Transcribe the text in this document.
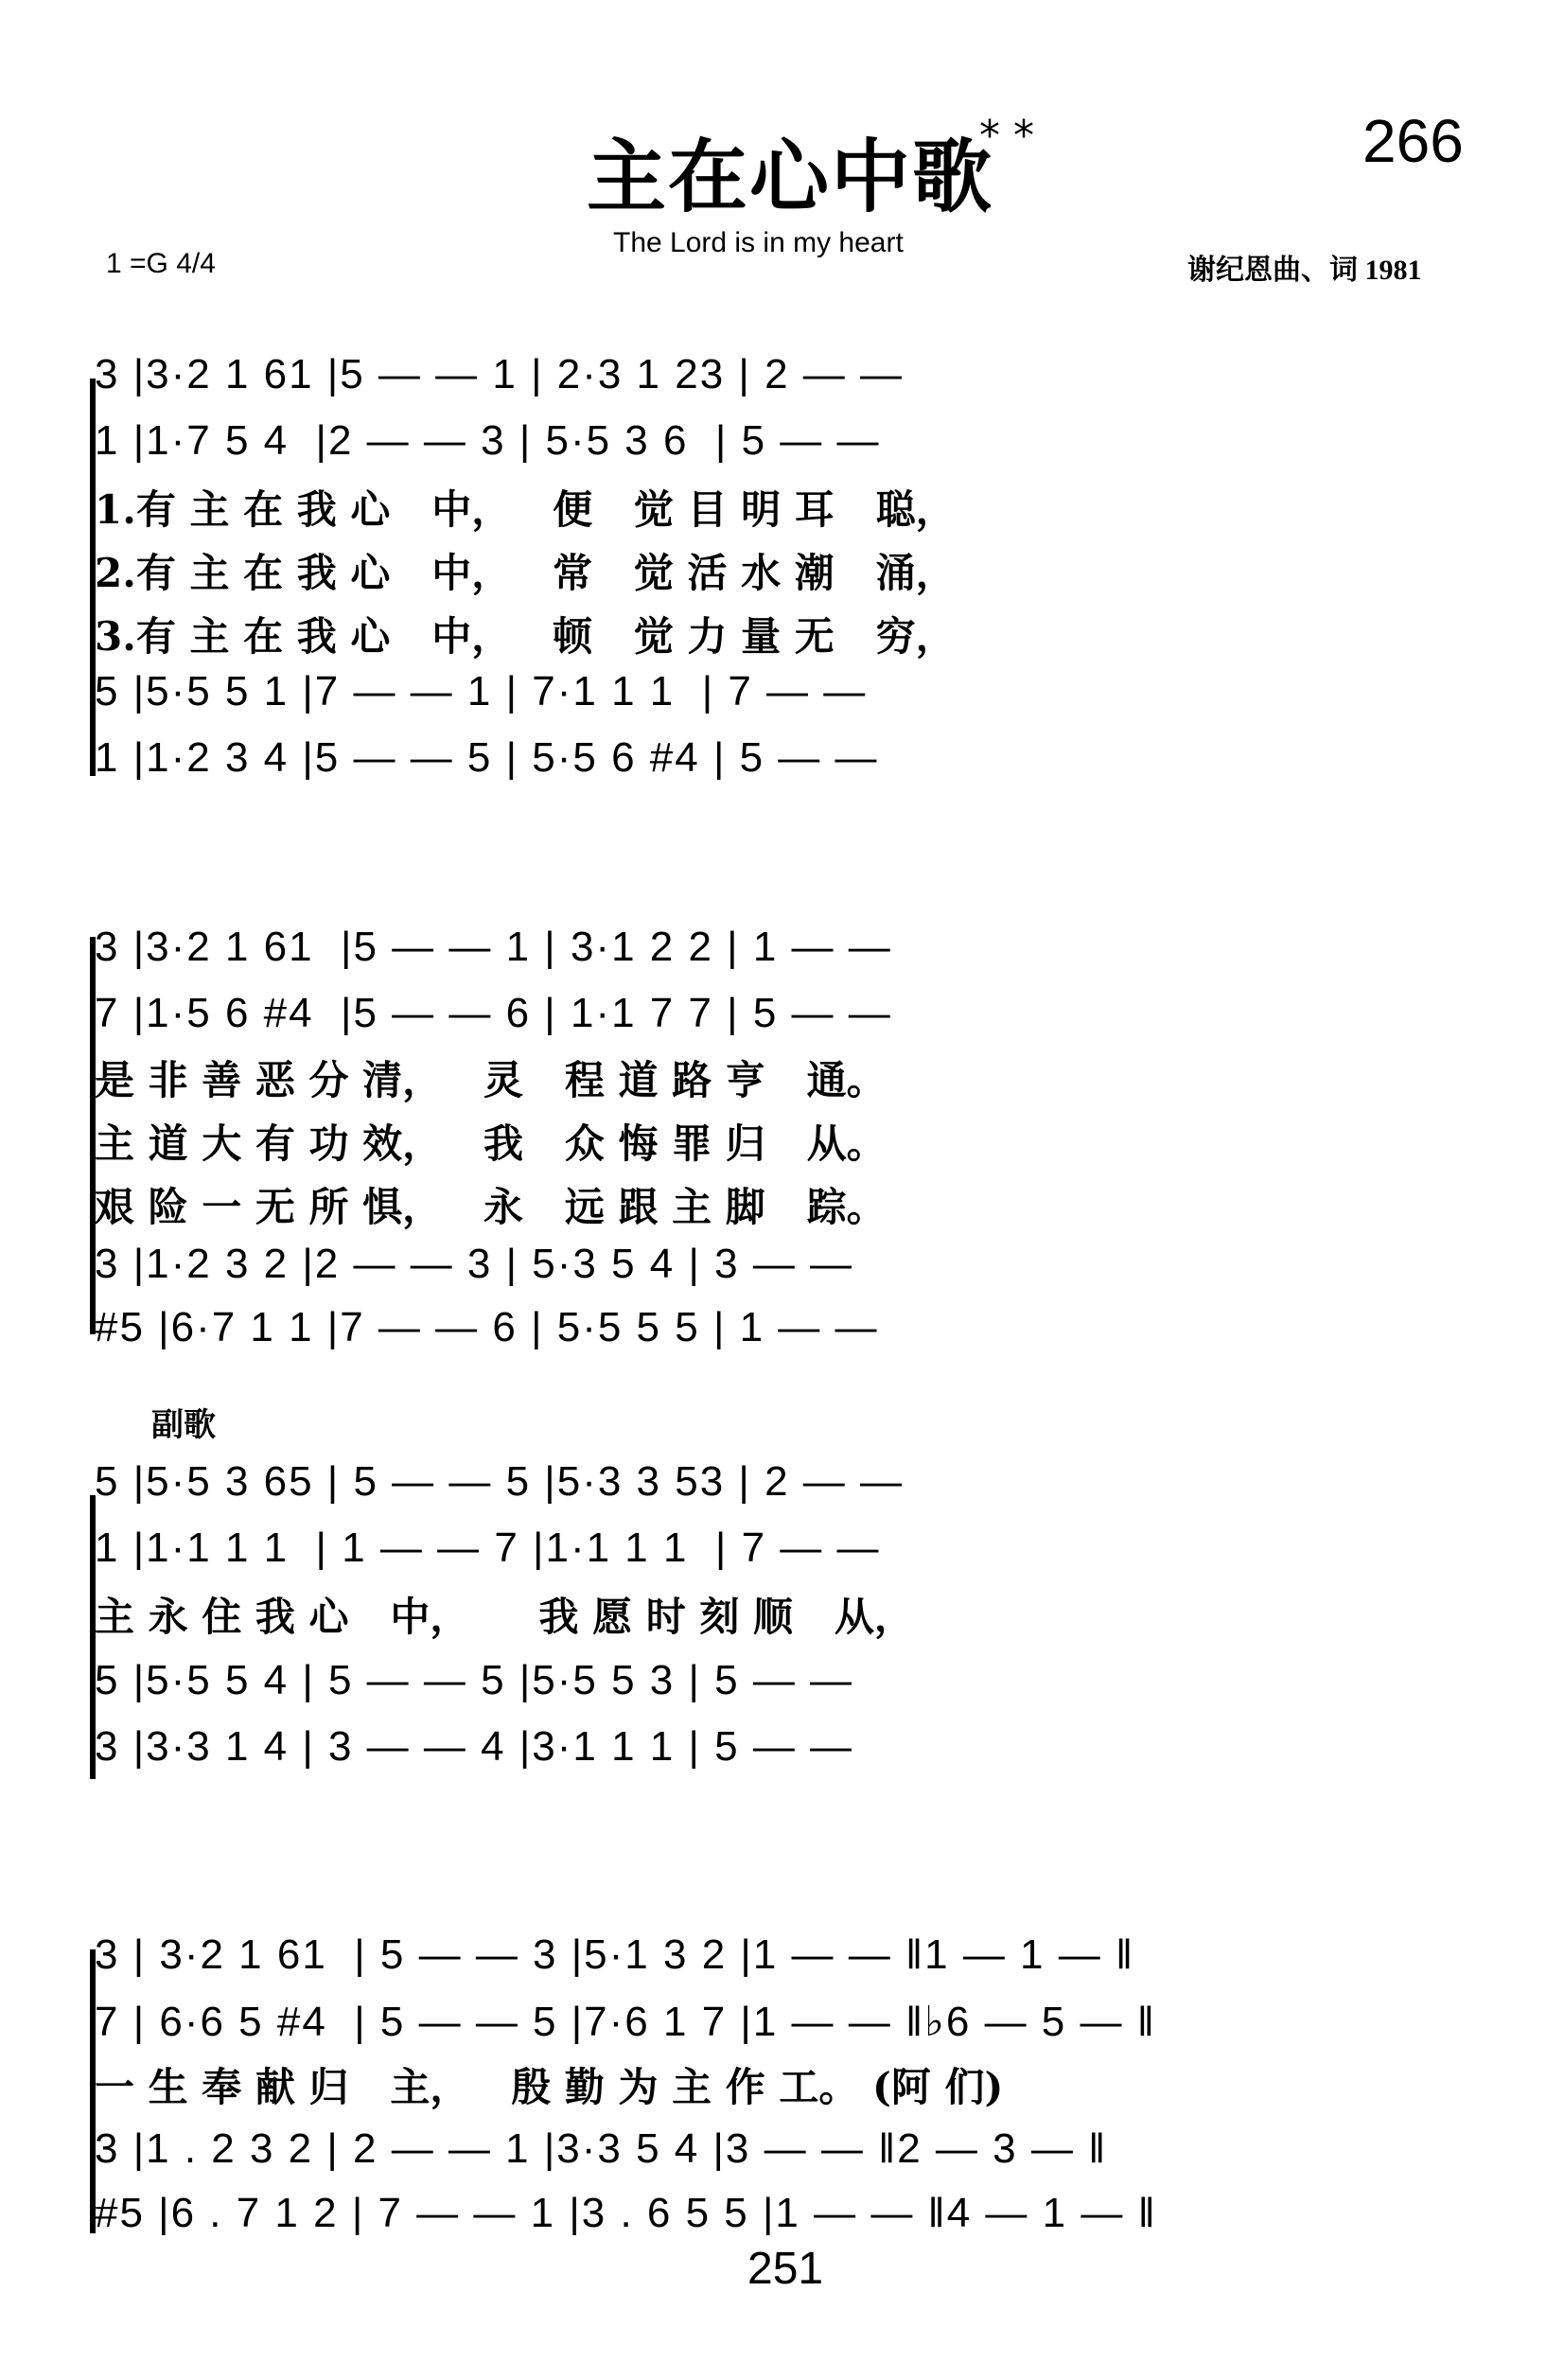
主在心中歌
* *	266
The Lord is in my heart
1 =G 4/4	谢纪恩曲、词 1981
3 |3·2 1 61 |5 — — 1 | 2·3 1 23 | 2 — —
1 |1·7 5 4  |2 — — 3 | 5·5 3 6  | 5 — —
1.有 主 在 我 心   中，   便   觉 目 明 耳   聪，
2.有 主 在 我 心   中，   常   觉 活 水 潮   涌，
3.有 主 在 我 心   中，   顿   觉 力 量 无   穷，
5 |5·5 5 1 |7 — — 1 | 7·1 1 1  | 7 — —
1 |1·2 3 4 |5 — — 5 | 5·5 6 #4 | 5 — —
3 |3·2 1 61  |5 — — 1 | 3·1 2 2 | 1 — —
7 |1·5 6 #4  |5 — — 6 | 1·1 7 7 | 5 — —
是 非 善 恶 分 清，   灵   程 道 路 亨   通。
主 道 大 有 功 效，   我   众 悔 罪 归   从。
艰 险 一 无 所 惧，   永   远 跟 主 脚   踪。
3 |1·2 3 2 |2 — — 3 | 5·3 5 4 | 3 — —
#5 |6·7 1 1 |7 — — 6 | 5·5 5 5 | 1 — —
副歌
5 |5·5 3 65 | 5 — — 5 |5·3 3 53 | 2 — —
1 |1·1 1 1  | 1 — — 7 |1·1 1 1  | 7 — —
主 永 住 我 心   中，     我 愿 时 刻 顺   从，
5 |5·5 5 4 | 5 — — 5 |5·5 5 3 | 5 — —
3 |3·3 1 4 | 3 — — 4 |3·1 1 1 | 5 — —
3 | 3·2 1 61  | 5 — — 3 |5·1 3 2 |1 — — ‖1 — 1 — ‖
7 | 6·6 5 #4  | 5 — — 5 |7·6 1 7 |1 — — ‖♭6 — 5 — ‖
一 生 奉 献 归   主，   殷 勤 为 主 作 工。 (阿 们)
3 |1 . 2 3 2 | 2 — — 1 |3·3 5 4 |3 — — ‖2 — 3 — ‖
#5 |6 . 7 1 2 | 7 — — 1 |3 . 6 5 5 |1 — — ‖4 — 1 — ‖
251
